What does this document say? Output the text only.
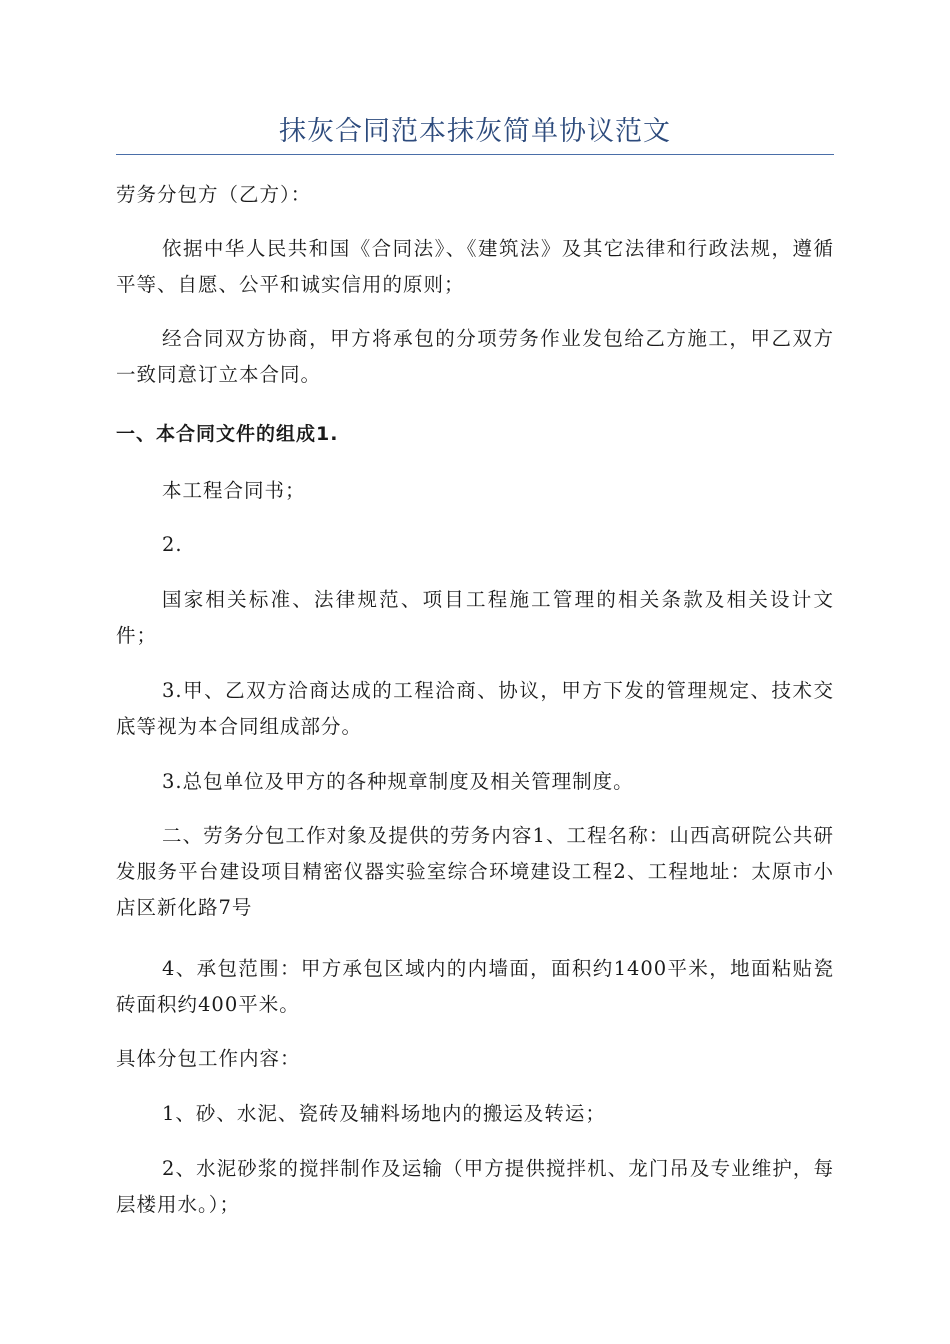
抹灰合同范本抹灰简单协议范文

劳务分包方（乙方）：

依据中华人民共和国《合同法》、《建筑法》及其它法律和行政法规，遵循平等、自愿、公平和诚实信用的原则；

经合同双方协商，甲方将承包的分项劳务作业发包给乙方施工，甲乙双方一致同意订立本合同。

一、本合同文件的组成1.

本工程合同书；

2.

国家相关标准、法律规范、项目工程施工管理的相关条款及相关设计文件；

3.甲、乙双方洽商达成的工程洽商、协议，甲方下发的管理规定、技术交底等视为本合同组成部分。

3.总包单位及甲方的各种规章制度及相关管理制度。

二、劳务分包工作对象及提供的劳务内容1、工程名称：山西高研院公共研发服务平台建设项目精密仪器实验室综合环境建设工程2、工程地址：太原市小店区新化路7号

4、承包范围：甲方承包区域内的内墙面，面积约1400平米，地面粘贴瓷砖面积约400平米。

具体分包工作内容：

1、砂、水泥、瓷砖及辅料场地内的搬运及转运；

2、水泥砂浆的搅拌制作及运输（甲方提供搅拌机、龙门吊及专业维护，每层楼用水。）；
